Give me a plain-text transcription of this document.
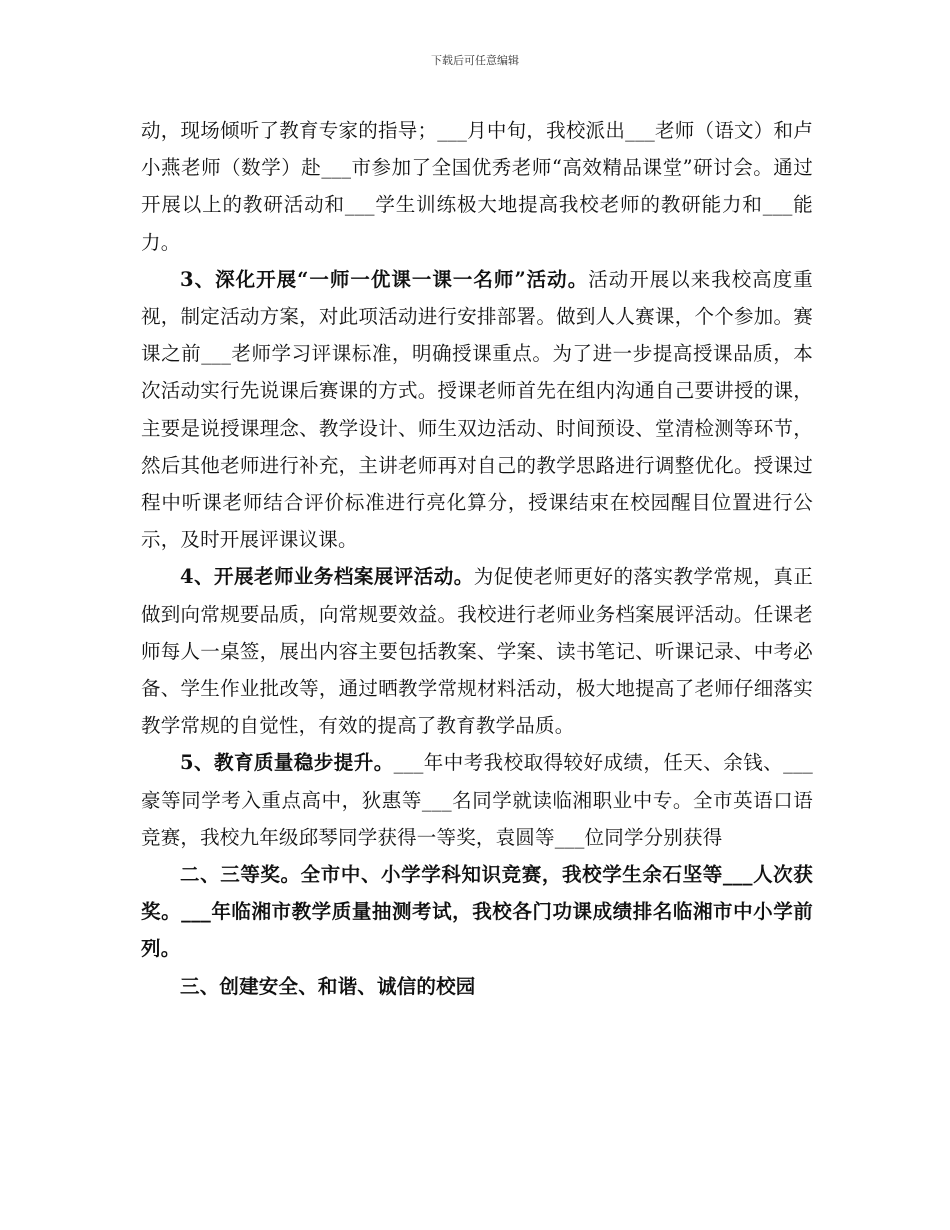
下载后可任意编辑

动，现场倾听了教育专家的指导；___月中旬，我校派出___老师（语文）和卢小燕老师（数学）赴___市参加了全国优秀老师“高效精品课堂”研讨会。通过开展以上的教研活动和___学生训练极大地提高我校老师的教研能力和___能力。

3、深化开展“一师一优课一课一名师”活动。活动开展以来我校高度重视，制定活动方案，对此项活动进行安排部署。做到人人赛课，个个参加。赛课之前___老师学习评课标准，明确授课重点。为了进一步提高授课品质，本次活动实行先说课后赛课的方式。授课老师首先在组内沟通自己要讲授的课，主要是说授课理念、教学设计、师生双边活动、时间预设、堂清检测等环节，然后其他老师进行补充，主讲老师再对自己的教学思路进行调整优化。授课过程中听课老师结合评价标准进行亮化算分，授课结束在校园醒目位置进行公示，及时开展评课议课。

4、开展老师业务档案展评活动。为促使老师更好的落实教学常规，真正做到向常规要品质，向常规要效益。我校进行老师业务档案展评活动。任课老师每人一桌签，展出内容主要包括教案、学案、读书笔记、听课记录、中考必备、学生作业批改等，通过晒教学常规材料活动，极大地提高了老师仔细落实教学常规的自觉性，有效的提高了教育教学品质。

5、教育质量稳步提升。___年中考我校取得较好成绩，任天、余钱、___豪等同学考入重点高中，狄惠等___名同学就读临湘职业中专。全市英语口语竞赛，我校九年级邱琴同学获得一等奖，袁圆等___位同学分别获得

二、三等奖。全市中、小学学科知识竞赛，我校学生余石坚等___人次获奖。___年临湘市教学质量抽测考试，我校各门功课成绩排名临湘市中小学前列。

三、创建安全、和谐、诚信的校园
